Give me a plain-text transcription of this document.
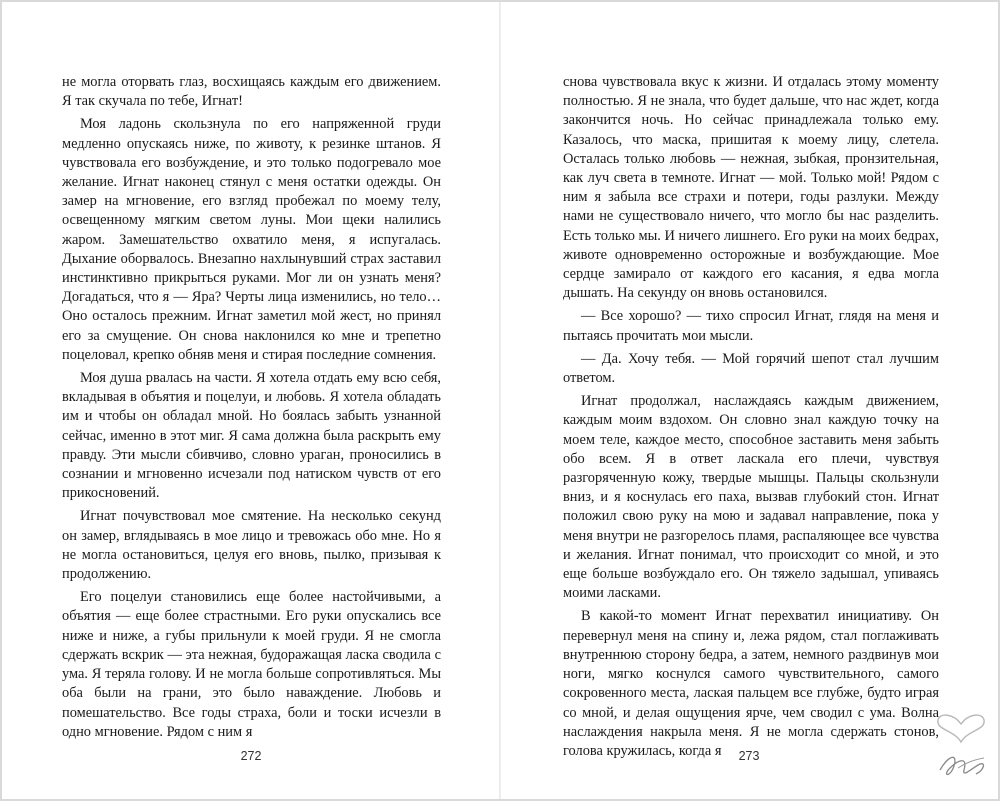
не могла оторвать глаз, восхищаясь каждым его движением. Я так скучала по тебе, Игнат!

Моя ладонь скользнула по его напряженной груди медленно опускаясь ниже, по животу, к резинке штанов. Я чувствовала его возбуждение, и это только подогревало мое желание. Игнат наконец стянул с меня остатки одежды. Он замер на мгновение, его взгляд пробежал по моему телу, освещенному мягким светом луны. Мои щеки налились жаром. Замешательство охватило меня, я испугалась. Дыхание оборвалось. Внезапно нахлынувший страх заставил инстинктивно прикрыться руками. Мог ли он узнать меня? Догадаться, что я — Яра? Черты лица изменились, но тело… Оно осталось прежним. Игнат заметил мой жест, но принял его за смущение. Он снова наклонился ко мне и трепетно поцеловал, крепко обняв меня и стирая последние сомнения.

Моя душа рвалась на части. Я хотела отдать ему всю себя, вкладывая в объятия и поцелуи, и любовь. Я хотела обладать им и чтобы он обладал мной. Но боялась забыть узнанной сейчас, именно в этот миг. Я сама должна была раскрыть ему правду. Эти мысли сбивчиво, словно ураган, проносились в сознании и мгновенно исчезали под натиском чувств от его прикосновений.

Игнат почувствовал мое смятение. На несколько секунд он замер, вглядываясь в мое лицо и тревожась обо мне. Но я не могла остановиться, целуя его вновь, пылко, призывая к продолжению.

Его поцелуи становились еще более настойчивыми, а объятия — еще более страстными. Его руки опускались все ниже и ниже, а губы прильнули к моей груди. Я не смогла сдержать вскрик — эта нежная, будоражащая ласка сводила с ума. Я теряла голову. И не могла больше сопротивляться. Мы оба были на грани, это было наваждение. Любовь и помешательство. Все годы страха, боли и тоски исчезли в одно мгновение. Рядом с ним я

272

снова чувствовала вкус к жизни. И отдалась этому моменту полностью. Я не знала, что будет дальше, что нас ждет, когда закончится ночь. Но сейчас принадлежала только ему. Казалось, что маска, пришитая к моему лицу, слетела. Осталась только любовь — нежная, зыбкая, пронзительная, как луч света в темноте. Игнат — мой. Только мой! Рядом с ним я забыла все страхи и потери, годы разлуки. Между нами не существовало ничего, что могло бы нас разделить. Есть только мы. И ничего лишнего. Его руки на моих бедрах, животе одновременно осторожные и возбуждающие. Мое сердце замирало от каждого его касания, я едва могла дышать. На секунду он вновь остановился.

— Все хорошо? — тихо спросил Игнат, глядя на меня и пытаясь прочитать мои мысли.

— Да. Хочу тебя. — Мой горячий шепот стал лучшим ответом.

Игнат продолжал, наслаждаясь каждым движением, каждым моим вздохом. Он словно знал каждую точку на моем теле, каждое место, способное заставить меня забыть обо всем. Я в ответ ласкала его плечи, чувствуя разгоряченную кожу, твердые мышцы. Пальцы скользнули вниз, и я коснулась его паха, вызвав глубокий стон. Игнат положил свою руку на мою и задавал направление, пока у меня внутри не разгорелось пламя, распаляющее все чувства и желания. Игнат понимал, что происходит со мной, и это еще больше возбуждало его. Он тяжело задышал, упиваясь моими ласками.

В какой-то момент Игнат перехватил инициативу. Он перевернул меня на спину и, лежа рядом, стал поглаживать внутреннюю сторону бедра, а затем, немного раздвинув мои ноги, мягко коснулся самого чувствительного, самого сокровенного места, лаская пальцем все глубже, будто играя со мной, и делая ощущения ярче, чем сводил с ума. Волна наслаждения накрыла меня. Я не могла сдержать стонов, голова кружилась, когда я	273
